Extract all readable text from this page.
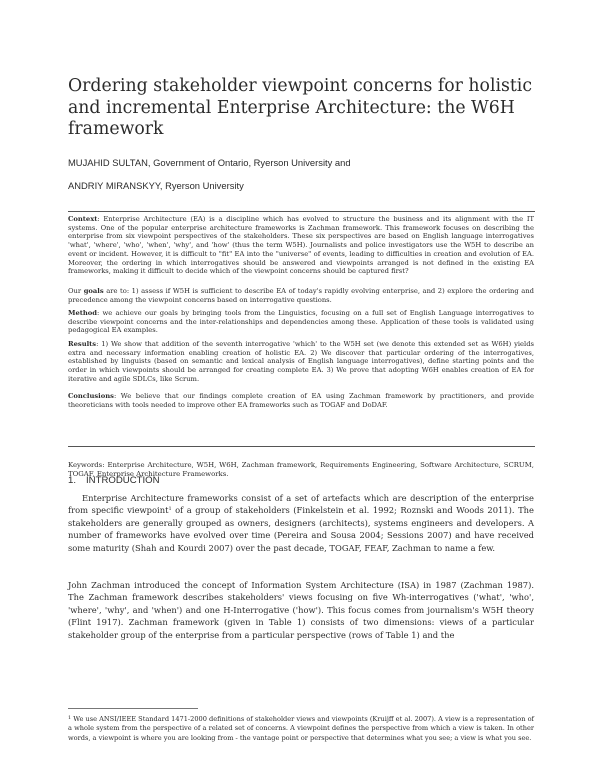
Ordering stakeholder viewpoint concerns for holistic and incremental Enterprise Architecture: the W6H framework
MUJAHID SULTAN, Government of Ontario, Ryerson University and
ANDRIY MIRANSKYY, Ryerson University

Context: Enterprise Architecture (EA) is a discipline which has evolved to structure the business and its alignment with the IT systems. One of the popular enterprise architecture frameworks is Zachman framework. This framework focuses on describing the enterprise from six viewpoint perspectives of the stakeholders. These six perspectives are based on English language interrogatives 'what', 'where', 'who', 'when', 'why', and 'how' (thus the term W5H). Journalists and police investigators use the W5H to describe an event or incident. However, it is difficult to "fit" EA into the "universe" of events, leading to difficulties in creation and evolution of EA. Moreover, the ordering in which interrogatives should be answered and viewpoints arranged is not defined in the existing EA frameworks, making it difficult to decide which of the viewpoint concerns should be captured first?

Our goals are to: 1) assess if W5H is sufficient to describe EA of today's rapidly evolving enterprise, and 2) explore the ordering and precedence among the viewpoint concerns based on interrogative questions.

Method: we achieve our goals by bringing tools from the Linguistics, focusing on a full set of English Language interrogatives to describe viewpoint concerns and the inter-relationships and dependencies among these. Application of these tools is validated using pedagogical EA examples.

Results: 1) We show that addition of the seventh interrogative 'which' to the W5H set (we denote this extended set as W6H) yields extra and necessary information enabling creation of holistic EA. 2) We discover that particular ordering of the interrogatives, established by linguists (based on semantic and lexical analysis of English language interrogatives), define starting points and the order in which viewpoints should be arranged for creating complete EA. 3) We prove that adopting W6H enables creation of EA for iterative and agile SDLCs, like Scrum.

Conclusions: We believe that our findings complete creation of EA using Zachman framework by practitioners, and provide theoreticians with tools needed to improve other EA frameworks such as TOGAF and DoDAF.

Keywords: Enterprise Architecture, W5H, W6H, Zachman framework, Requirements Engineering, Software Architecture, SCRUM, TOGAF, Enterprise Architecture Frameworks.
1. INTRODUCTION

Enterprise Architecture frameworks consist of a set of artefacts which are description of the enterprise from specific viewpoint$^1$ of a group of stakeholders (Finkelstein et al. 1992; Roznski and Woods 2011). The stakeholders are generally grouped as owners, designers (architects), systems engineers and developers. A number of frameworks have evolved over time (Pereira and Sousa 2004; Sessions 2007) and have received some maturity (Shah and Kourdi 2007) over the past decade, TOGAF, FEAF, Zachman to name a few.

John Zachman introduced the concept of Information System Architecture (ISA) in 1987 (Zachman 1987). The Zachman framework describes stakeholders' views focusing on five Wh-interrogatives ('what', 'who', 'where', 'why', and 'when') and one H-Interrogative ('how'). This focus comes from journalism's W5H theory (Flint 1917). Zachman framework (given in Table 1) consists of two dimensions: views of a particular stakeholder group of the enterprise from a particular perspective (rows of Table 1) and the

$^1$ We use ANSI/IEEE Standard 1471-2000 definitions of stakeholder views and viewpoints (Kruijff et al. 2007). A view is a representation of a whole system from the perspective of a related set of concerns. A viewpoint defines the perspective from which a view is taken. In other words, a viewpoint is where you are looking from - the vantage point or perspective that determines what you see; a view is what you see.
